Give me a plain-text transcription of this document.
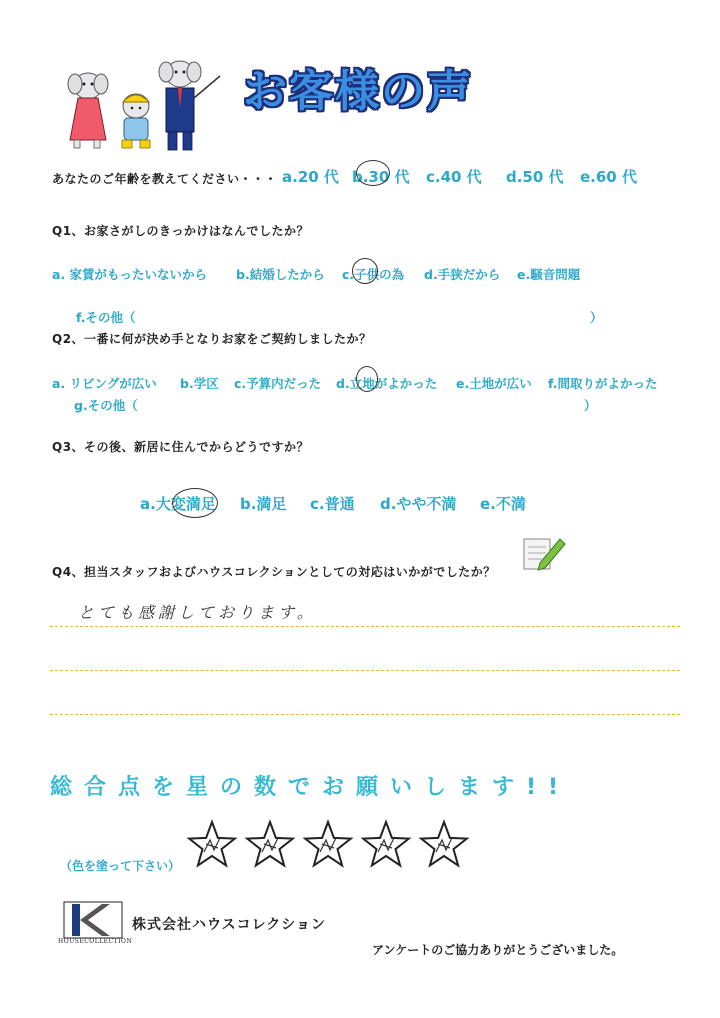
お客様の声
あなたのご年齢を教えてください・・・ a.20 代 b.30 代 c.40 代 d.50 代 e.60 代
Q1、お家さがしのきっかけはなんでしたか？
a. 家賃がもったいないから b.結婚したから c.子供の為 d.手狭だから e.騒音問題
f.その他（	）
Q2、一番に何が決め手となりお家をご契約しましたか？
a. リビングが広い b.学区 c.予算内だった d.立地がよかった e.土地が広い f.間取りがよかった
g.その他（	）
Q3、その後、新居に住んでからどうですか？
a.大変満足 b.満足 c.普通 d.やや不満 e.不満
Q4、担当スタッフおよびハウスコレクションとしての対応はいかがでしたか？
とても感謝しております。
総合点を星の数でお願いします!!
（色を塗って下さい）
HOUSECOLLECTION
株式会社ハウスコレクション
アンケートのご協力ありがとうございました。
